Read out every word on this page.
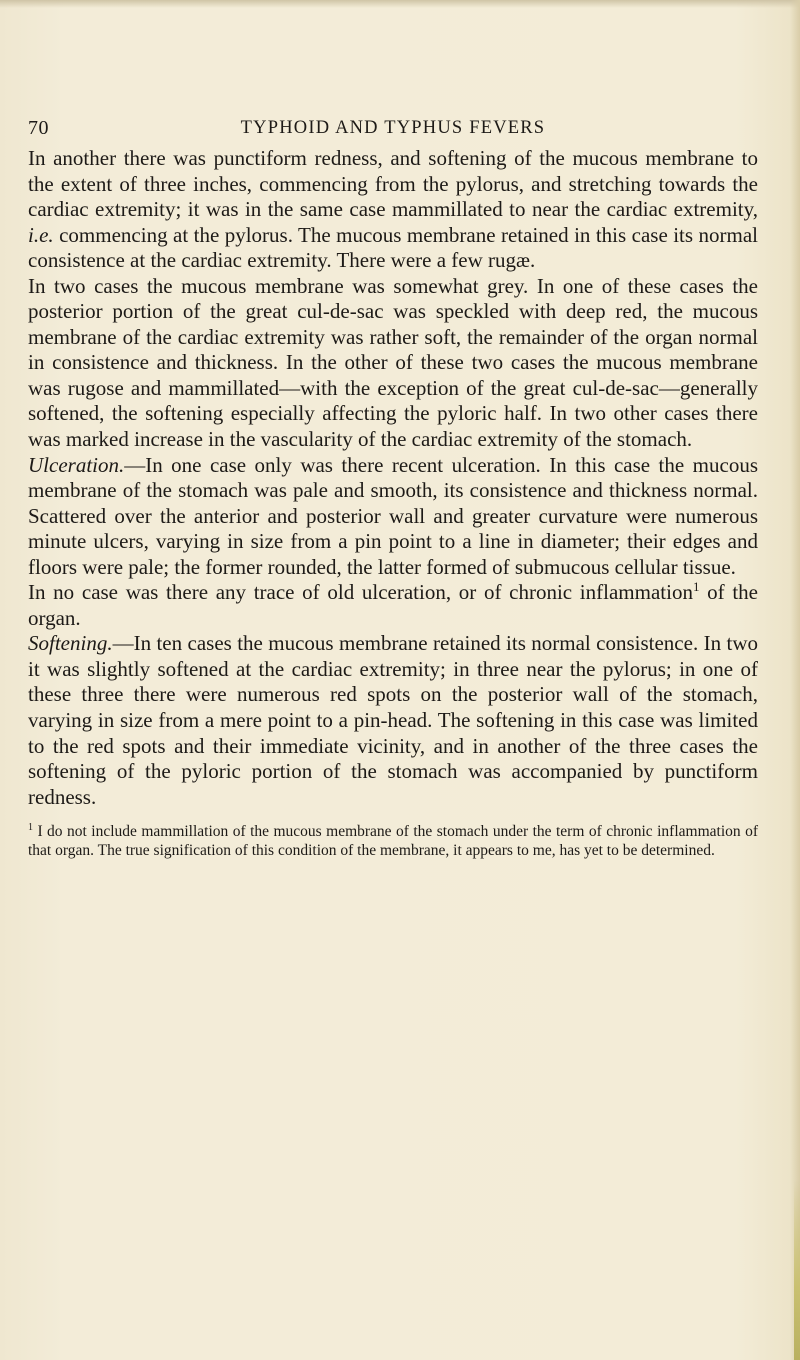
70	TYPHOID AND TYPHUS FEVERS

In another there was punctiform redness, and softening of the mucous membrane to the extent of three inches, commencing from the pylorus, and stretching towards the cardiac extremity; it was in the same case mammillated to near the cardiac extremity, i.e. commencing at the pylorus. The mucous membrane retained in this case its normal consistence at the cardiac extremity. There were a few rugæ.

In two cases the mucous membrane was somewhat grey. In one of these cases the posterior portion of the great cul-de-sac was speckled with deep red, the mucous membrane of the cardiac extremity was rather soft, the remainder of the organ normal in consistence and thickness. In the other of these two cases the mucous membrane was rugose and mammillated—with the exception of the great cul-de-sac—generally softened, the softening especially affecting the pyloric half. In two other cases there was marked increase in the vascularity of the cardiac extremity of the stomach.

Ulceration.—In one case only was there recent ulceration. In this case the mucous membrane of the stomach was pale and smooth, its consistence and thickness normal. Scattered over the anterior and posterior wall and greater curvature were numerous minute ulcers, varying in size from a pin point to a line in diameter; their edges and floors were pale; the former rounded, the latter formed of submucous cellular tissue.

In no case was there any trace of old ulceration, or of chronic inflammation$^1$ of the organ.

Softening.—In ten cases the mucous membrane retained its normal consistence. In two it was slightly softened at the cardiac extremity; in three near the pylorus; in one of these three there were numerous red spots on the posterior wall of the stomach, varying in size from a mere point to a pin-head. The softening in this case was limited to the red spots and their immediate vicinity, and in another of the three cases the softening of the pyloric portion of the stomach was accompanied by punctiform redness.

$^1$ I do not include mammillation of the mucous membrane of the stomach under the term of chronic inflammation of that organ. The true signification of this condition of the membrane, it appears to me, has yet to be determined.
